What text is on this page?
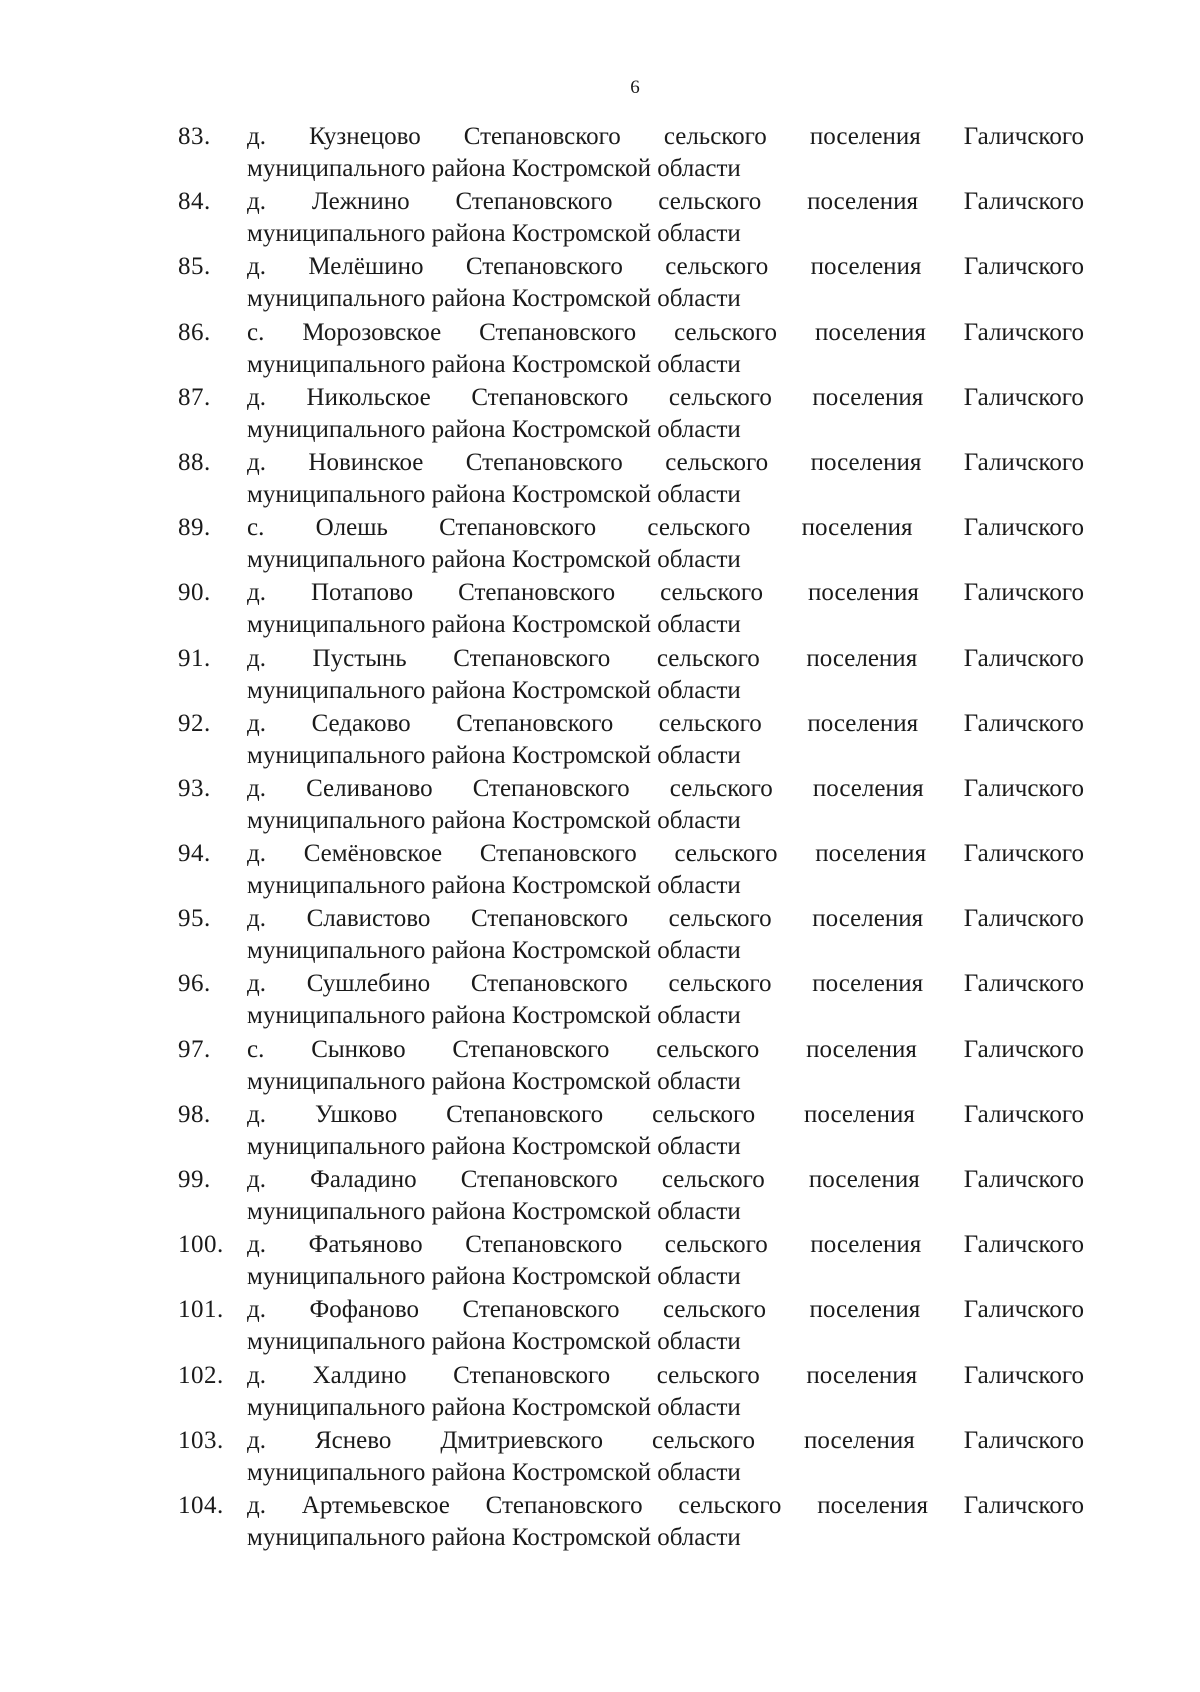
6
83.	д. Кузнецово Степановского сельского поселения Галичского
муниципального района Костромской области
84.	д. Лежнино Степановского сельского поселения Галичского
муниципального района Костромской области
85.	д. Мелёшино Степановского сельского поселения Галичского
муниципального района Костромской области
86.	с. Морозовское Степановского сельского поселения Галичского
муниципального района Костромской области
87.	д. Никольское Степановского сельского поселения Галичского
муниципального района Костромской области
88.	д. Новинское Степановского сельского поселения Галичского
муниципального района Костромской области
89.	с. Олешь Степановского сельского поселения Галичского
муниципального района Костромской области
90.	д. Потапово Степановского сельского поселения Галичского
муниципального района Костромской области
91.	д. Пустынь Степановского сельского поселения Галичского
муниципального района Костромской области
92.	д. Седаково Степановского сельского поселения Галичского
муниципального района Костромской области
93.	д. Селиваново Степановского сельского поселения Галичского
муниципального района Костромской области
94.	д. Семёновское Степановского сельского поселения Галичского
муниципального района Костромской области
95.	д. Славистово Степановского сельского поселения Галичского
муниципального района Костромской области
96.	д. Сушлебино Степановского сельского поселения Галичского
муниципального района Костромской области
97.	с. Сынково Степановского сельского поселения Галичского
муниципального района Костромской области
98.	д. Ушково Степановского сельского поселения Галичского
муниципального района Костромской области
99.	д. Фаладино Степановского сельского поселения Галичского
муниципального района Костромской области
100. д. Фатьяново Степановского сельского поселения Галичского
муниципального района Костромской области
101. д. Фофаново Степановского сельского поселения Галичского
муниципального района Костромской области
102. д. Халдино Степановского сельского поселения Галичского
муниципального района Костромской области
103. д. Яснево Дмитриевского сельского поселения Галичского
муниципального района Костромской области
104. д. Артемьевское Степановского сельского поселения Галичского
муниципального района Костромской области
